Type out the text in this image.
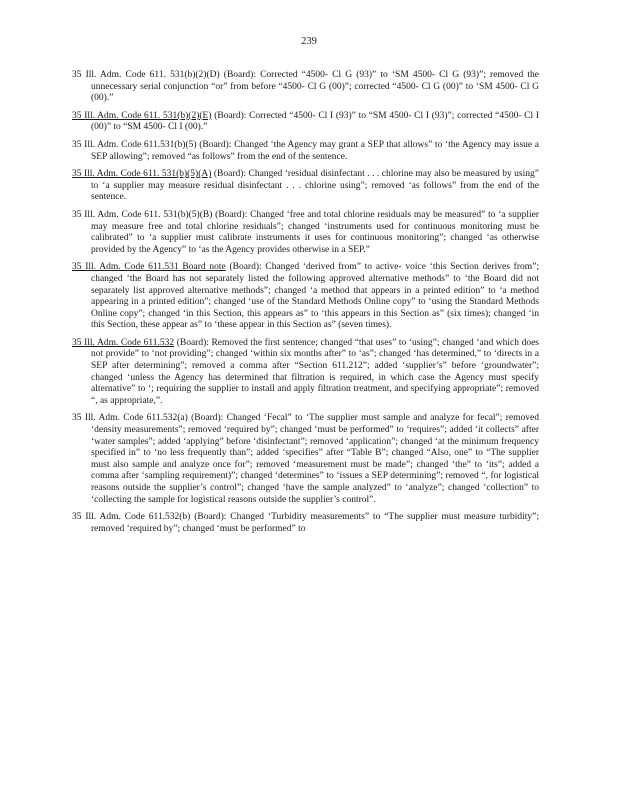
239

35 Ill. Adm. Code 611. 531(b)(2)(D) (Board): Corrected “4500- Cl G (93)” to ‘SM 4500- Cl G (93)”; removed the unnecessary serial conjunction “or” from before “4500- Cl G (00)”; corrected “4500- Cl G (00)” to ‘SM 4500- Cl G (00).”

35 Ill. Adm. Code 611. 531(b)(2)(E) (Board): Corrected “4500- Cl I (93)” to “SM 4500- Cl I (93)”; corrected “4500- Cl I (00)” to “SM 4500- Cl I (00).”

35 Ill. Adm. Code 611.531(b)(5) (Board): Changed ‘the Agency may grant a SEP that allows” to ‘the Agency may issue a SEP allowing”; removed “as follows” from the end of the sentence.

35 Ill. Adm. Code 611. 531(b)(5)(A) (Board): Changed ‘residual disinfectant . . . chlorine may also be measured by using” to ‘a supplier may measure residual disinfectant . . . chlorine using”; removed ‘as follows” from the end of the sentence.

35 Ill. Adm. Code 611. 531(b)(5)(B) (Board): Changed ‘free and total chlorine residuals may be measured” to ‘a supplier may measure free and total chlorine residuals”; changed ‘instruments used for continuous monitoring must be calibrated” to ‘a supplier must calibrate instruments it uses for continuous monitoring”; changed ‘as otherwise provided by the Agency” to ‘as the Agency provides otherwise in a SEP.”

35 Ill. Adm. Code 611.531 Board note (Board): Changed ‘derived from” to active- voice ‘this Section derives from”; changed ‘the Board has not separately listed the following approved alternative methods” to ‘the Board did not separately list approved alternative methods”; changed ‘a method that appears in a printed edition” to ‘a method appearing in a printed edition”; changed ‘use of the Standard Methods Online copy” to ‘using the Standard Methods Online copy”; changed ‘in this Section, this appears as” to ‘this appears in this Section as” (six times); changed ‘in this Section, these appear as” to ‘these appear in this Section as” (seven times).

35 Ill. Adm. Code 611.532 (Board): Removed the first sentence; changed “that uses” to ‘using”; changed ‘and which does not provide” to ‘not providing”; changed ‘within six months after” to ‘as”; changed ‘has determined,” to ‘directs in a SEP after determining”; removed a comma after “Section 611.212”; added ‘supplier’s” before ‘groundwater”; changed ‘unless the Agency has determined that filtration is required, in which case the Agency must specify alternative” to ‘; requiring the supplier to install and apply filtration treatment, and specifying appropriate”; removed “, as appropriate,”.

35 Ill. Adm. Code 611.532(a) (Board): Changed ‘Fecal” to ‘The supplier must sample and analyze for fecal”; removed ‘density measurements”; removed ‘required by”; changed ‘must be performed” to ‘requires”; added ‘it collects” after ‘water samples”; added ‘applying” before ‘disinfectant”; removed ‘application”; changed ‘at the minimum frequency specified in” to ‘no less frequently than”; added ‘specifies” after “Table B”; changed “Also, one” to “The supplier must also sample and analyze once for”; removed ‘measurement must be made”; changed ‘the” to ‘its”; added a comma after ‘sampling requirement)”; changed ‘determines” to ‘issues a SEP determining”; removed “, for logistical reasons outside the supplier’s control”; changed ‘have the sample analyzed” to ‘analyze”; changed ‘collection” to ‘collecting the sample for logistical reasons outside the supplier’s control”.

35 Ill. Adm. Code 611.532(b) (Board): Changed ‘Turbidity measurements” to “The supplier must measure turbidity”; removed ‘required by”; changed ‘must be performed” to
